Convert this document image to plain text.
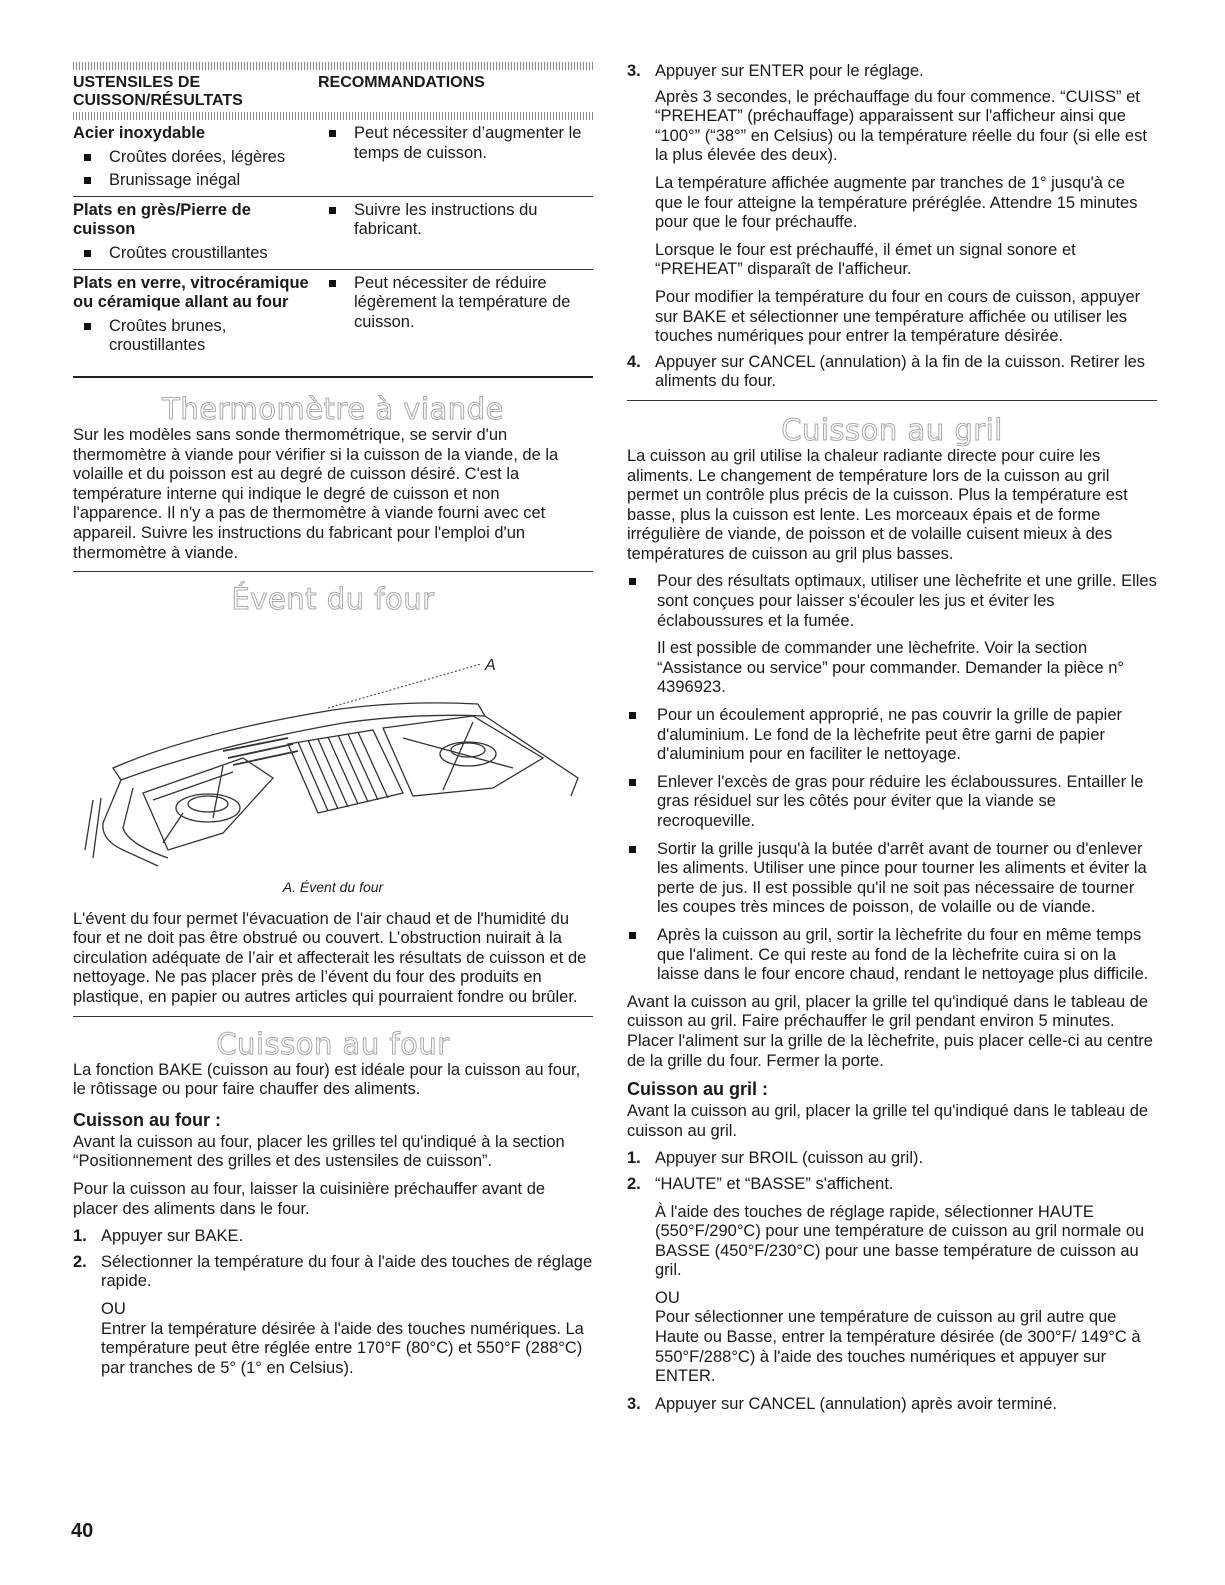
USTENSILES DE CUISSON/RÉSULTATS
RECOMMANDATIONS
Acier inoxydable
Croûtes dorées, légères
Brunissage inégal
Peut nécessiter d’augmenter le temps de cuisson.
Plats en grès/Pierre de cuisson
Croûtes croustillantes
Suivre les instructions du fabricant.
Plats en verre, vitrocéramique ou céramique allant au four
Croûtes brunes, croustillantes
Peut nécessiter de réduire légèrement la température de cuisson.
Thermomètre à viande

Sur les modèles sans sonde thermométrique, se servir d'un thermomètre à viande pour vérifier si la cuisson de la viande, de la volaille et du poisson est au degré de cuisson désiré. C'est la température interne qui indique le degré de cuisson et non l'apparence. Il n'y a pas de thermomètre à viande fourni avec cet appareil. Suivre les instructions du fabricant pour l'emploi d'un thermomètre à viande.

Évent du four
A
A. Évent du four

L'évent du four permet l'évacuation de l'air chaud et de l'humidité du four et ne doit pas être obstrué ou couvert. L’obstruction nuirait à la circulation adéquate de l’air et affecterait les résultats de cuisson et de nettoyage. Ne pas placer près de l’évent du four des produits en plastique, en papier ou autres articles qui pourraient fondre ou brûler.

Cuisson au four

La fonction BAKE (cuisson au four) est idéale pour la cuisson au four, le rôtissage ou pour faire chauffer des aliments.

Cuisson au four :

Avant la cuisson au four, placer les grilles tel qu'indiqué à la section “Positionnement des grilles et des ustensiles de cuisson”.

Pour la cuisson au four, laisser la cuisinière préchauffer avant de placer des aliments dans le four.

1. Appuyer sur BAKE.
2. Sélectionner la température du four à l'aide des touches de réglage rapide.
OU
Entrer la température désirée à l'aide des touches numériques. La température peut être réglée entre 170°F (80°C) et 550°F (288°C) par tranches de 5° (1° en Celsius).
3. Appuyer sur ENTER pour le réglage.

Après 3 secondes, le préchauffage du four commence. “CUISS” et “PREHEAT” (préchauffage) apparaissent sur l'afficheur ainsi que “100°” (“38°” en Celsius) ou la température réelle du four (si elle est la plus élevée des deux).

La température affichée augmente par tranches de 1° jusqu'à ce que le four atteigne la température préréglée. Attendre 15 minutes pour que le four préchauffe.

Lorsque le four est préchauffé, il émet un signal sonore et “PREHEAT” disparaît de l'afficheur.

Pour modifier la température du four en cours de cuisson, appuyer sur BAKE et sélectionner une température affichée ou utiliser les touches numériques pour entrer la température désirée.

4. Appuyer sur CANCEL (annulation) à la fin de la cuisson. Retirer les aliments du four.
Cuisson au gril

La cuisson au gril utilise la chaleur radiante directe pour cuire les aliments. Le changement de température lors de la cuisson au gril permet un contrôle plus précis de la cuisson. Plus la température est basse, plus la cuisson est lente. Les morceaux épais et de forme irrégulière de viande, de poisson et de volaille cuisent mieux à des températures de cuisson au gril plus basses.

Pour des résultats optimaux, utiliser une lèchefrite et une grille. Elles sont conçues pour laisser s'écouler les jus et éviter les éclaboussures et la fumée.

Il est possible de commander une lèchefrite. Voir la section “Assistance ou service” pour commander. Demander la pièce n° 4396923.

Pour un écoulement approprié, ne pas couvrir la grille de papier d'aluminium. Le fond de la lèchefrite peut être garni de papier d'aluminium pour en faciliter le nettoyage.

Enlever l'excès de gras pour réduire les éclaboussures. Entailler le gras résiduel sur les côtés pour éviter que la viande se recroqueville.

Sortir la grille jusqu'à la butée d'arrêt avant de tourner ou d'enlever les aliments. Utiliser une pince pour tourner les aliments et éviter la perte de jus. Il est possible qu'il ne soit pas nécessaire de tourner les coupes très minces de poisson, de volaille ou de viande.

Après la cuisson au gril, sortir la lèchefrite du four en même temps que l'aliment. Ce qui reste au fond de la lèchefrite cuira si on la laisse dans le four encore chaud, rendant le nettoyage plus difficile.

Avant la cuisson au gril, placer la grille tel qu'indiqué dans le tableau de cuisson au gril. Faire préchauffer le gril pendant environ 5 minutes. Placer l'aliment sur la grille de la lèchefrite, puis placer celle-ci au centre de la grille du four. Fermer la porte.

Cuisson au gril :

Avant la cuisson au gril, placer la grille tel qu'indiqué dans le tableau de cuisson au gril.

1. Appuyer sur BROIL (cuisson au gril).
2. “HAUTE” et “BASSE” s'affichent.

À l'aide des touches de réglage rapide, sélectionner HAUTE (550°F/290°C) pour une température de cuisson au gril normale ou BASSE (450°F/230°C) pour une basse température de cuisson au gril.

OU

Pour sélectionner une température de cuisson au gril autre que Haute ou Basse, entrer la température désirée (de 300°F/ 149°C à 550°F/288°C) à l'aide des touches numériques et appuyer sur ENTER.

3. Appuyer sur CANCEL (annulation) après avoir terminé.
40
